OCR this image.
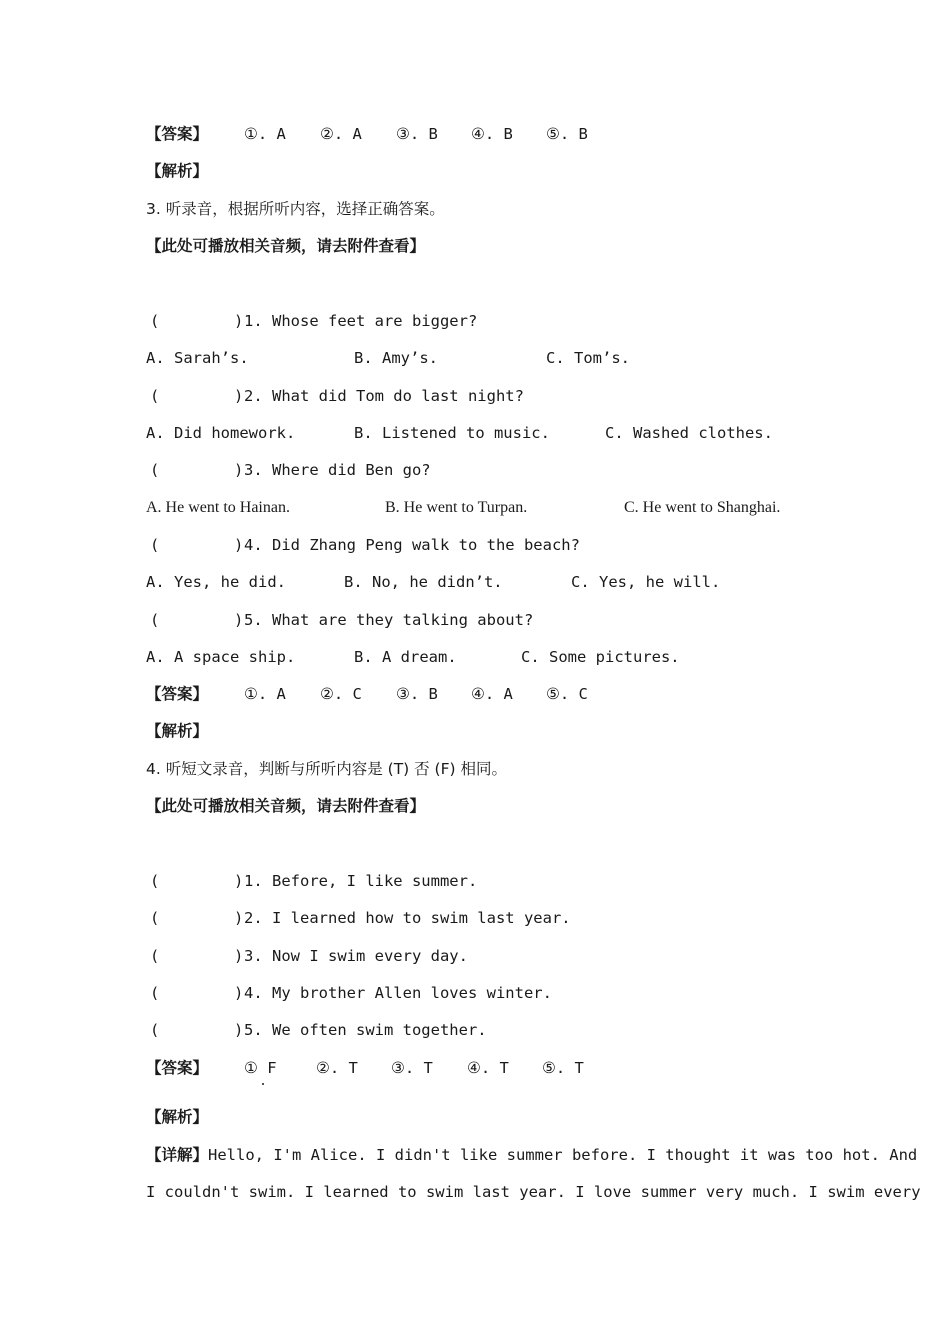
【答案】 ①. A ②. A ③. B ④. B ⑤. B
【解析】
3. 听录音，根据所听内容，选择正确答案。
【此处可播放相关音频，请去附件查看】
(        ) 1. Whose feet are bigger?
A. Sarah’s.	B. Amy’s.	C. Tom’s.
(        ) 2. What did Tom do last night?
A. Did homework.	B. Listened to music.	C. Washed clothes.
(        ) 3. Where did Ben go?
A. He went to Hainan.	B. He went to Turpan.	C. He went to Shanghai.
(        ) 4. Did Zhang Peng walk to the beach?
A. Yes, he did.	B. No, he didn’t.	C. Yes, he will.
(        ) 5. What are they talking about?
A. A space ship.	B. A dream.	C. Some pictures.
【答案】 ①. A ②. C ③. B ④. A ⑤. C
【解析】
4. 听短文录音，判断与所听内容是 (T) 否 (F) 相同。
【此处可播放相关音频，请去附件查看】
(        ) 1. Before, I like summer.
(        ) 2. I learned how to swim last year.
(        ) 3. Now I swim every day.
(        ) 4. My brother Allen loves winter.
(        ) 5. We often swim together.
【答案】 ① F	②. T ③. T ④. T ⑤. T
【解析】
【详解】Hello, I'm Alice. I didn't like summer before. I thought it was too hot. And
I couldn't swim. I learned to swim last year. I love summer very much. I swim every
